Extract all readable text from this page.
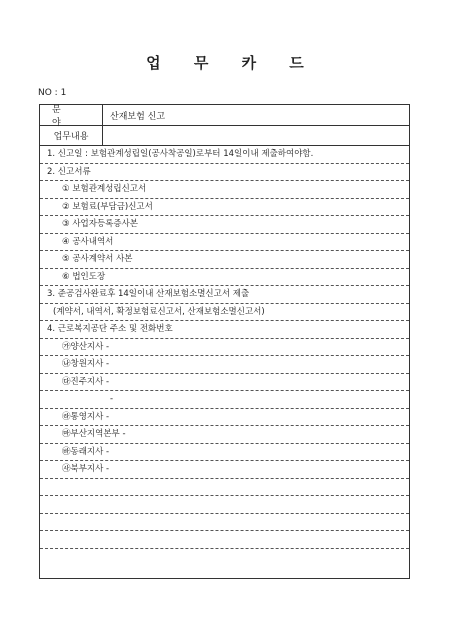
업 무 카 드
NO : 1
분 야
산재보험 신고
업무내용
1. 신고일 : 보험관계성립일(공사착공일)로부터 14일이내 제출하여야함.
2. 신고서류
① 보험관계성립신고서
② 보험료(부담금)신고서
③ 사업자등록증사본
④ 공사내역서
⑤ 공사계약서 사본
⑥ 법인도장
3. 준공검사완료후 14일이내 산재보험소멸신고서 제출
(계약서, 내역서, 확정보험료신고서, 산재보험소멸신고서)
4. 근로복지공단 주소 및 전화번호
㉮양산지사 -
㉯창원지사 -
㉰진주지사 -
-
㉱통영지사 -
㉲부산지역본부 -
㉳동래지사 -
㉴북부지사 -
